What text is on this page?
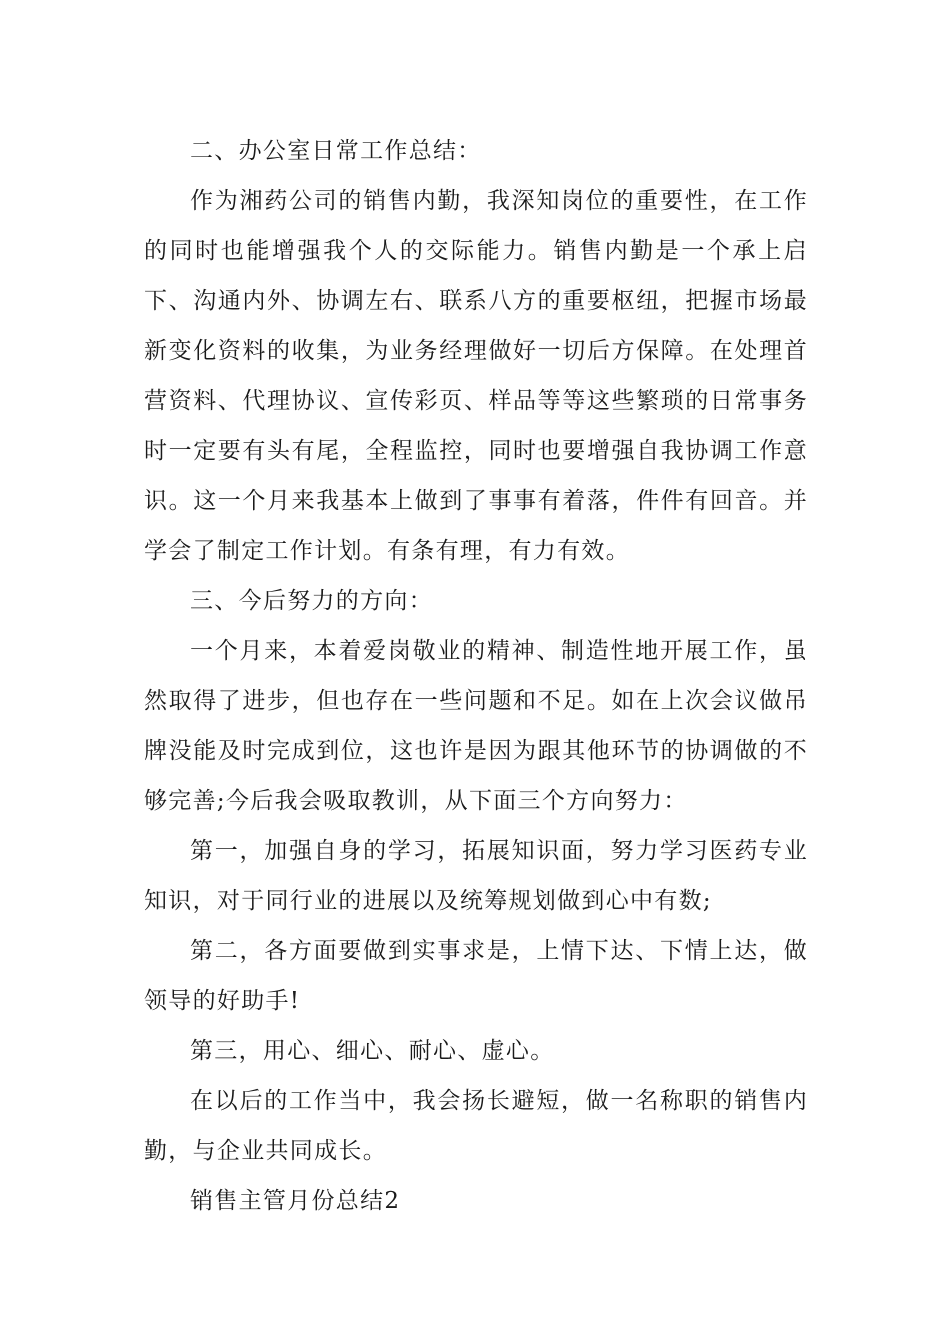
二、办公室日常工作总结：

作为湘药公司的销售内勤，我深知岗位的重要性，在工作的同时也能增强我个人的交际能力。销售内勤是一个承上启下、沟通内外、协调左右、联系八方的重要枢纽，把握市场最新变化资料的收集，为业务经理做好一切后方保障。在处理首营资料、代理协议、宣传彩页、样品等等这些繁琐的日常事务时一定要有头有尾，全程监控，同时也要增强自我协调工作意识。这一个月来我基本上做到了事事有着落，件件有回音。并学会了制定工作计划。有条有理，有力有效。

三、今后努力的方向：

一个月来，本着爱岗敬业的精神、制造性地开展工作，虽然取得了进步，但也存在一些问题和不足。如在上次会议做吊牌没能及时完成到位，这也许是因为跟其他环节的协调做的不够完善;今后我会吸取教训，从下面三个方向努力：

第一，加强自身的学习，拓展知识面，努力学习医药专业知识，对于同行业的进展以及统筹规划做到心中有数;

第二，各方面要做到实事求是，上情下达、下情上达，做领导的好助手!

第三，用心、细心、耐心、虚心。

在以后的工作当中，我会扬长避短，做一名称职的销售内勤，与企业共同成长。

销售主管月份总结2
